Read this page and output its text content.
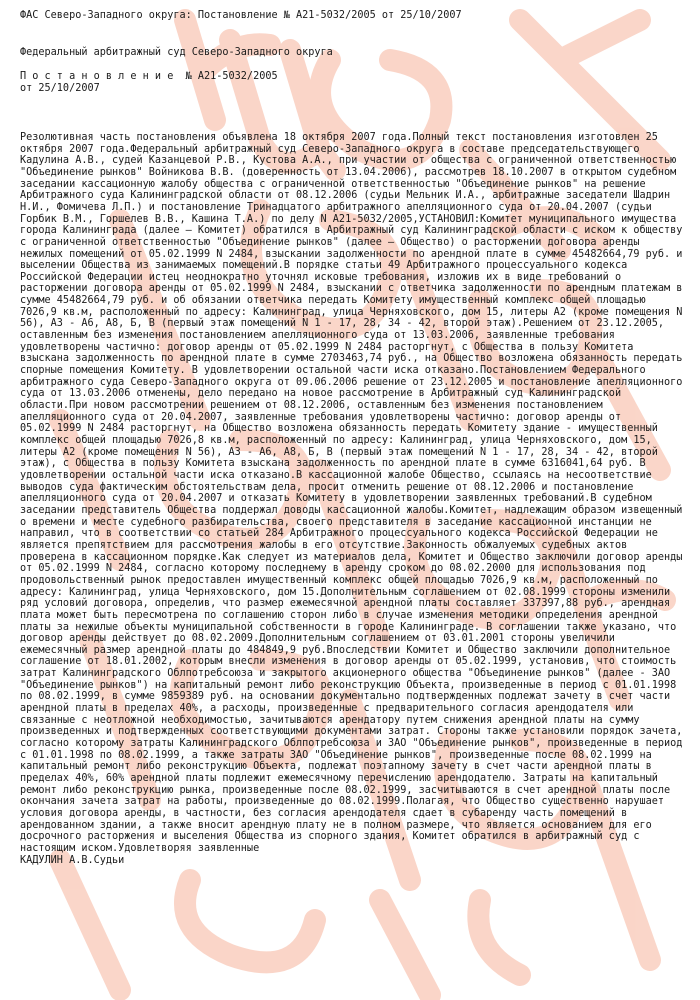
ФАС Северо-Западного округа: Постановление № А21-5032/2005 от 25/10/2007

Федеральный арбитражный суд Северо-Западного округа

П о с т а н о в л е н и е  № А21-5032/2005

от 25/10/2007

Резолютивная часть постановления объявлена 18 октября 2007 года.Полный текст постановления изготовлен 25 октября 2007 года.Федеральный арбитражный суд Северо-Западного округа в составе председательствующего Кадулина А.В., судей Казанцевой Р.В., Кустова А.А., при участии от общества с ограниченной ответственностью "Объединение рынков" Войникова В.В. (доверенность от 13.04.2006), рассмотрев 18.10.2007 в открытом судебном заседании кассационную жалобу общества с ограниченной ответственностью "Объединение рынков" на решение Арбитражного суда Калининградской области от 08.12.2006 (судьи Мельник И.А., арбитражные заседатели Шадрин Н.И., Фомичева Л.П.) и постановление Тринадцатого арбитражного апелляционного суда от 20.04.2007 (судьи Горбик В.М., Горшелев В.В., Кашина Т.А.) по делу N А21-5032/2005,УСТАНОВИЛ:Комитет муниципального имущества города Калининграда (далее – Комитет) обратился в Арбитражный суд Калининградской области с иском к обществу с ограниченной ответственностью "Объединение рынков" (далее – Общество) о расторжении договора аренды нежилых помещений от 05.02.1999 N 2484, взыскании задолженности по арендной плате в сумме 45482664,79 руб. и выселении Общества из занимаемых помещений.В порядке статьи 49 Арбитражного процессуального кодекса Российской Федерации истец неоднократно уточнял исковые требования, изложив их в виде требований о расторжении договора аренды от 05.02.1999 N 2484, взыскании с ответчика задолженности по арендным платежам в сумме 45482664,79 руб. и об обязании ответчика передать Комитету имущественный комплекс общей площадью 7026,9 кв.м, расположенный по адресу: Калининград, улица Черняховского, дом 15, литеры А2 (кроме помещения N 56), А3 - А6, А8, Б, В (первый этаж помещений N 1 - 17, 28, 34 - 42, второй этаж).Решением от 23.12.2005, оставленным без изменения постановлением апелляционного суда от 13.03.2006, заявленные требования удовлетворены частично: договор аренды от 05.02.1999 N 2484 расторгнут, с Общества в пользу Комитета взыскана задолженность по арендной плате в сумме 2703463,74 руб., на Общество возложена обязанность передать спорные помещения Комитету. В удовлетворении остальной части иска отказано.Постановлением Федерального арбитражного суда Северо-Западного округа от 09.06.2006 решение от 23.12.2005 и постановление апелляционного суда от 13.03.2006 отменены, дело передано на новое рассмотрение в Арбитражный суд Калининградской области.При новом рассмотрении решением от 08.12.2006, оставленным без изменения постановлением апелляционного суда от 20.04.2007, заявленные требования удовлетворены частично: договор аренды от 05.02.1999 N 2484 расторгнут, на Общество возложена обязанность передать Комитету здание - имущественный комплекс общей площадью 7026,8 кв.м, расположенный по адресу: Калининград, улица Черняховского, дом 15, литеры А2 (кроме помещения N 56), А3 - А6, А8, Б, В (первый этаж помещений N 1 - 17, 28, 34 - 42, второй этаж), с Общества в пользу Комитета взыскана задолженность по арендной плате в сумме 6316041,64 руб. В удовлетворении остальной части иска отказано.В кассационной жалобе Общество, ссылаясь на несоответствие выводов суда фактическим обстоятельствам дела, просит отменить решение от 08.12.2006 и постановление апелляционного суда от 20.04.2007 и отказать Комитету в удовлетворении заявленных требований.В судебном заседании представитель Общества поддержал доводы кассационной жалобы.Комитет, надлежащим образом извещенный о времени и месте судебного разбирательства, своего представителя в заседание кассационной инстанции не направил, что в соответствии со статьей 284 Арбитражного процессуального кодекса Российской Федерации не является препятствием для рассмотрения жалобы в его отсутствие.Законность обжалуемых судебных актов проверена в кассационном порядке.Как следует из материалов дела, Комитет и Общество заключили договор аренды от 05.02.1999 N 2484, согласно которому последнему в аренду сроком до 08.02.2000 для использования под продовольственный рынок предоставлен имущественный комплекс общей площадью 7026,9 кв.м, расположенный по адресу: Калининград, улица Черняховского, дом 15.Дополнительным соглашением от 02.08.1999 стороны изменили ряд условий договора, определив, что размер ежемесячной арендной платы составляет 337397,88 руб., арендная плата может быть пересмотрена по соглашению сторон либо в случае изменения методики определения арендной платы за нежилые объекты муниципальной собственности в городе Калининграде. В соглашении также указано, что договор аренды действует до 08.02.2009.Дополнительным соглашением от 03.01.2001 стороны увеличили ежемесячный размер арендной платы до 484849,9 руб.Впоследствии Комитет и Общество заключили дополнительное соглашение от 18.01.2002, которым внесли изменения в договор аренды от 05.02.1999, установив, что стоимость затрат Калининградского Облпотребсоюза и закрытого акционерного общества "Объединение рынков" (далее - ЗАО "Объединение рынков") на капитальный ремонт либо реконструкцию Объекта, произведенные в период с 01.01.1998 по 08.02.1999, в сумме 9859389 руб. на основании документально подтвержденных подлежат зачету в счет части арендной платы в пределах 40%, а расходы, произведенные с предварительного согласия арендодателя или связанные с неотложной необходимостью, зачитываются арендатору путем снижения арендной платы на сумму произведенных и подтвержденных соответствующими документами затрат. Стороны также установили порядок зачета, согласно которому затраты Калининградского Облпотребсоюза и ЗАО "Объединение рынков", произведенные в период с 01.01.1998 по 08.02.1999, а также затраты ЗАО "Объединение рынков", произведенные после 08.02.1999 на капитальный ремонт либо реконструкцию Объекта, подлежат поэтапному зачету в счет части арендной платы в пределах 40%, 60% арендной платы подлежит ежемесячному перечислению арендодателю. Затраты на капитальный ремонт либо реконструкцию рынка, произведенные после 08.02.1999, засчитываются в счет арендной платы после окончания зачета затрат на работы, произведенные до 08.02.1999.Полагая, что Общество существенно нарушает условия договора аренды, в частности, без согласия арендодателя сдает в субаренду часть помещений в арендованном здании, а также вносит арендную плату не в полном размере, что является основанием для его досрочного расторжения и выселения Общества из спорного здания, Комитет обратился в арбитражный суд с настоящим иском.Удовлетворяя заявленные

КАДУЛИН А.В.Судьи
